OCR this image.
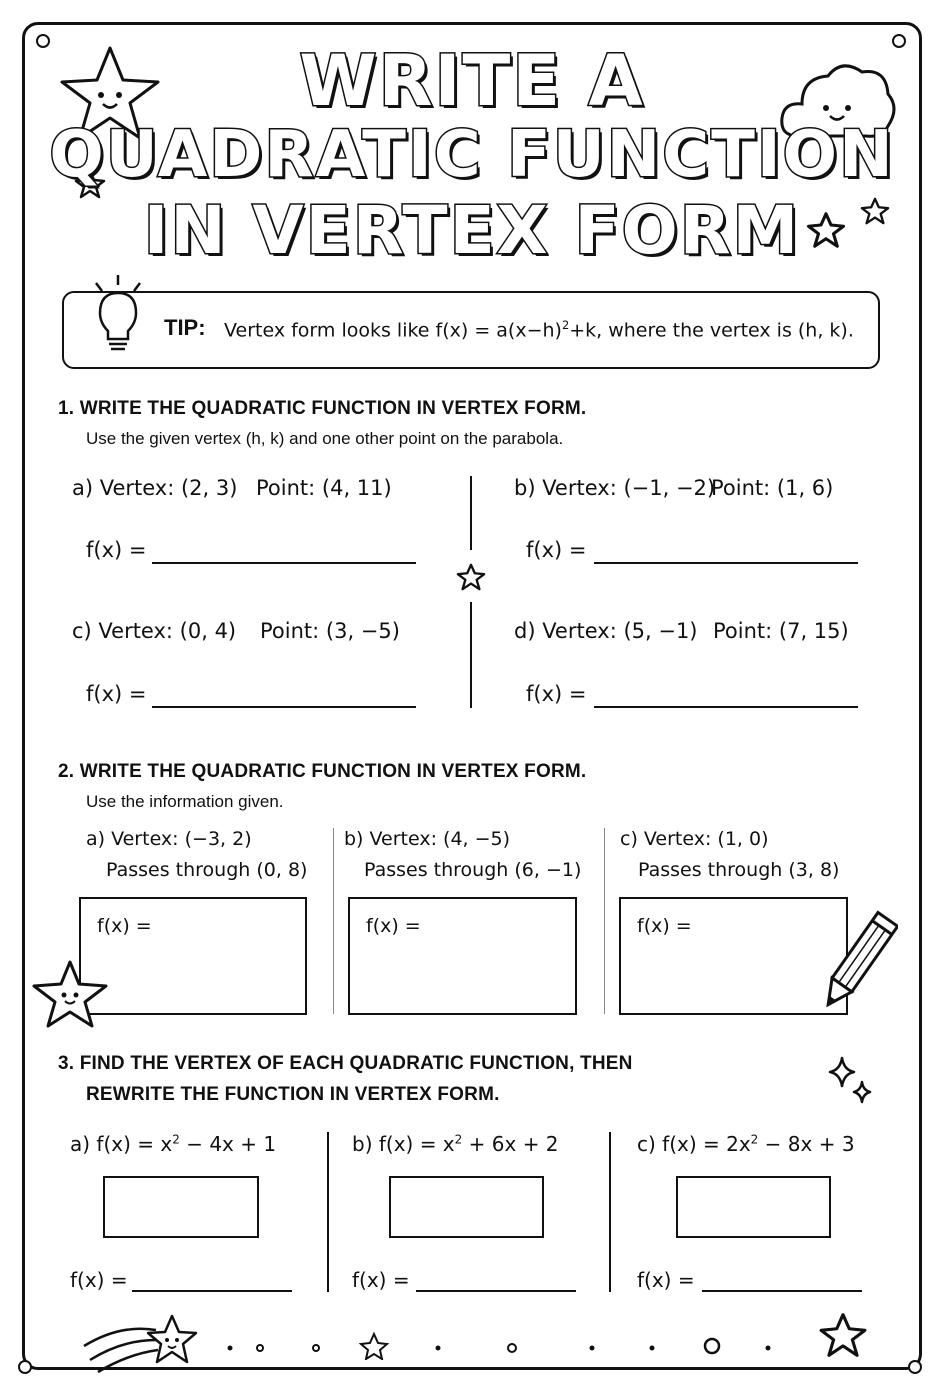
WRITE A
QUADRATIC FUNCTION
IN VERTEX FORM
TIP: Vertex form looks like $f(x) = a(x-h)^2+k$, where the vertex is (h, k).
1. WRITE THE QUADRATIC FUNCTION IN VERTEX FORM.
Use the given vertex (h, k) and one other point on the parabola.
a) Vertex: (2, 3) Point: (4, 11)
f(x) =
b) Vertex: (−1, −2)
Point: (1, 6)
f(x) =
c) Vertex: (0, 4) Point: (3, −5)
f(x) =
d) Vertex: (5, −1) Point: (7, 15)
f(x) =
2. WRITE THE QUADRATIC FUNCTION IN VERTEX FORM.
Use the information given.
a) Vertex: (−3, 2)
Passes through (0, 8)
f(x) =
b) Vertex: (4, −5)
Passes through (6, −1)
f(x) =
c) Vertex: (1, 0)
Passes through (3, 8)
f(x) =
3. FIND THE VERTEX OF EACH QUADRATIC FUNCTION, THEN
REWRITE THE FUNCTION IN VERTEX FORM.
a) $f(x) = x^2 - 4x + 1$
f(x) =
b) $f(x) = x^2 + 6x + 2$
f(x) =
c) $f(x) = 2x^2 - 8x + 3$
f(x) =
